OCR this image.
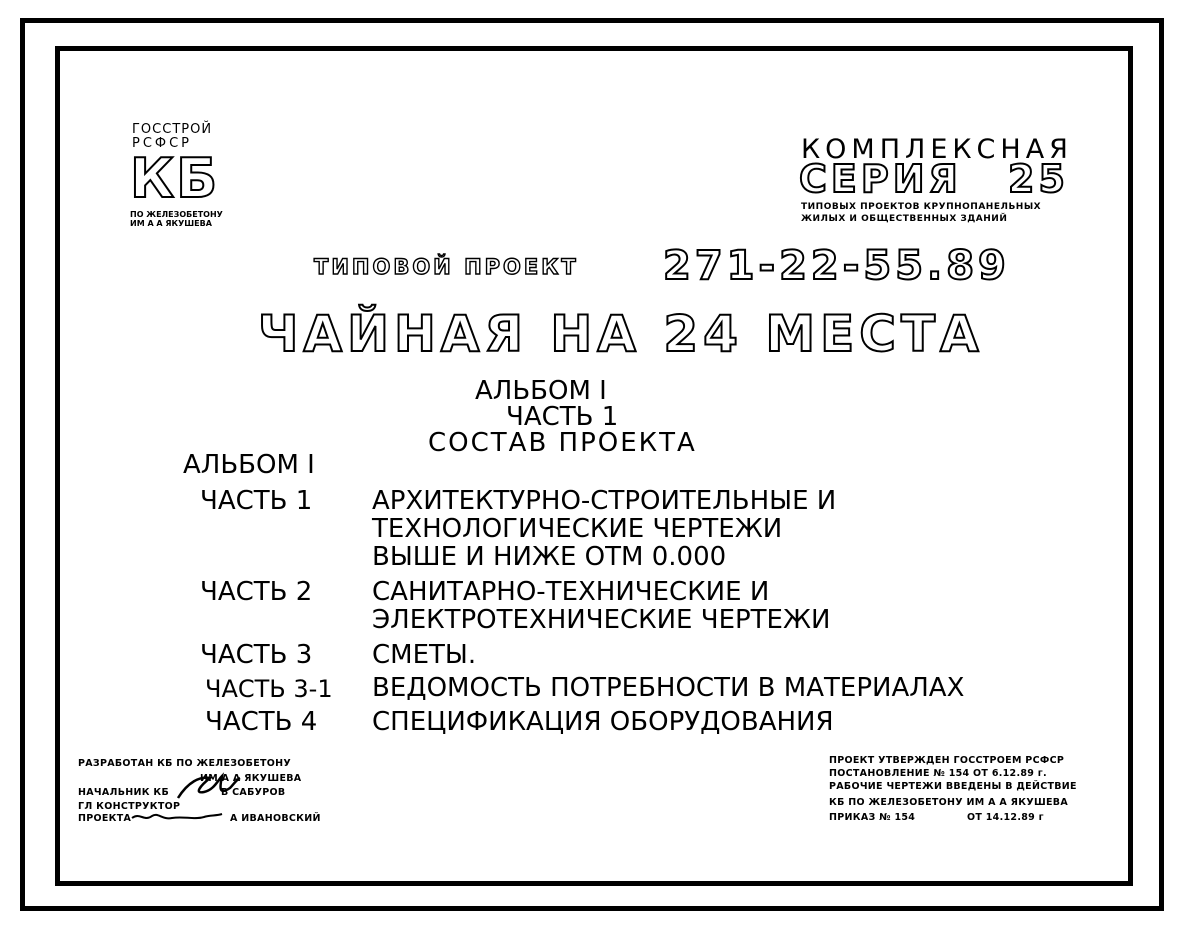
ГОССТРОЙ
РСФСР
КБ
ПО ЖЕЛЕЗОБЕТОНУ
ИМ А А ЯКУШЕВА
КОМПЛЕКСНАЯ
СЕРИЯ 25
ТИПОВЫХ ПРОЕКТОВ КРУПНОПАНЕЛЬНЫХ
ЖИЛЫХ И ОБЩЕСТВЕННЫХ ЗДАНИЙ
ТИПОВОЙ ПРОЕКТ 271-22-55.89
ЧАЙНАЯ НА 24 МЕСТА
АЛЬБОМ I
ЧАСТЬ 1
СОСТАВ ПРОЕКТА
АЛЬБОМ I
ЧАСТЬ 1 АРХИТЕКТУРНО-СТРОИТЕЛЬНЫЕ И
ТЕХНОЛОГИЧЕСКИЕ ЧЕРТЕЖИ
ВЫШЕ И НИЖЕ ОТМ 0.000
ЧАСТЬ 2 САНИТАРНО-ТЕХНИЧЕСКИЕ И
ЭЛЕКТРОТЕХНИЧЕСКИЕ ЧЕРТЕЖИ
ЧАСТЬ 3 СМЕТЫ.
ЧАСТЬ 3-1 ВЕДОМОСТЬ ПОТРЕБНОСТИ В МАТЕРИАЛАХ
ЧАСТЬ 4 СПЕЦИФИКАЦИЯ ОБОРУДОВАНИЯ
РАЗРАБОТАН КБ ПО ЖЕЛЕЗОБЕТОНУ
ИМ А А ЯКУШЕВА
НАЧАЛЬНИК КБ	В САБУРОВ
ГЛ КОНСТРУКТОР
ПРОЕКТА	А ИВАНОВСКИЙ
ПРОЕКТ УТВЕРЖДЕН ГОССТРОЕМ РСФСР
ПОСТАНОВЛЕНИЕ № 154 ОТ 6.12.89 г.
РАБОЧИЕ ЧЕРТЕЖИ ВВЕДЕНЫ В ДЕЙСТВИЕ
КБ ПО ЖЕЛЕЗОБЕТОНУ ИМ А А ЯКУШЕВА
ПРИКАЗ № 154	ОТ 14.12.89 г
